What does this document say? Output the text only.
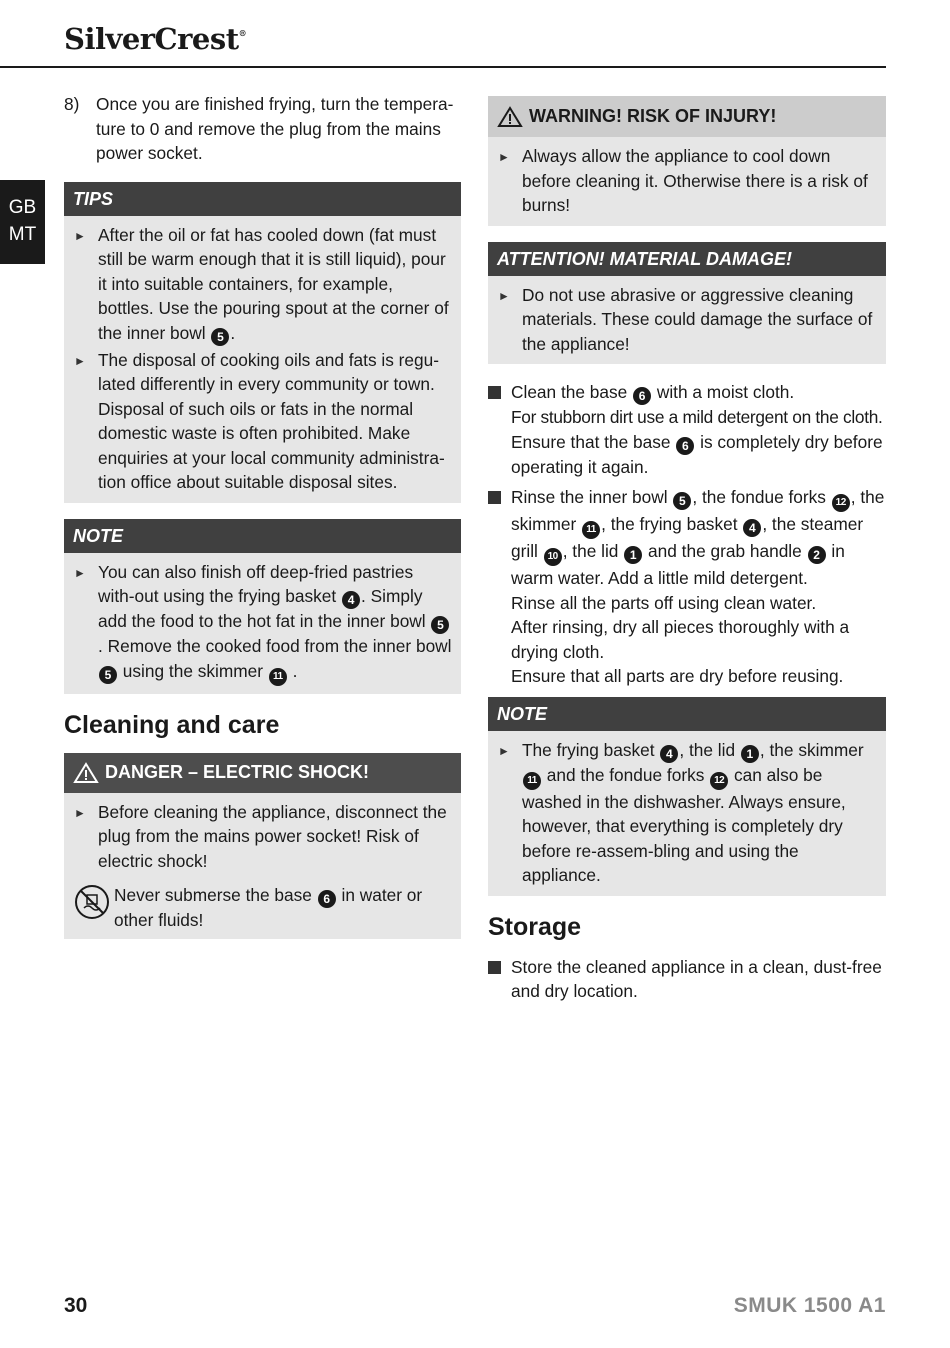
SilverCrest®
GB
MT
8) Once you are finished frying, turn the tempera-ture to 0 and remove the plug from the mains power socket.
TIPS
► After the oil or fat has cooled down (fat must still be warm enough that it is still liquid), pour it into suitable containers, for example, bottles. Use the pouring spout at the corner of the inner bowl 5 .
► The disposal of cooking oils and fats is regu-lated differently in every community or town. Disposal of such oils or fats in the normal domestic waste is often prohibited. Make enquiries at your local community administra-tion office about suitable disposal sites.
NOTE
► You can also finish off deep-fried pastries with-out using the frying basket 4 . Simply add the food to the hot fat in the inner bowl 5. Remove the cooked food from the inner bowl 5 using the skimmer 11 .
Cleaning and care
DANGER – ELECTRIC SHOCK!
► Before cleaning the appliance, disconnect the plug from the mains power socket! Risk of electric shock!
Never submerse the base 6 in water or other fluids!
WARNING! RISK OF INJURY!
► Always allow the appliance to cool down before cleaning it. Otherwise there is a risk of burns!
ATTENTION! MATERIAL DAMAGE!
► Do not use abrasive or aggressive cleaning materials. These could damage the surface of the appliance!
Clean the base 6 with a moist cloth.
For stubborn dirt use a mild detergent on the cloth.
Ensure that the base 6 is completely dry before operating it again.
Rinse the inner bowl 5 , the fondue forks 12 , the skimmer 11 , the frying basket 4 , the steamer grill 10 , the lid 1 and the grab handle 2 in warm water. Add a little mild detergent.
Rinse all the parts off using clean water.
After rinsing, dry all pieces thoroughly with a drying cloth.
Ensure that all parts are dry before reusing.
NOTE
► The frying basket 4 , the lid 1 , the skimmer 11 and the fondue forks 12 can also be washed in the dishwasher. Always ensure, however, that everything is completely dry before re-assem-bling and using the appliance.
Storage
Store the cleaned appliance in a clean, dust-free and dry location.
30	SMUK 1500 A1
